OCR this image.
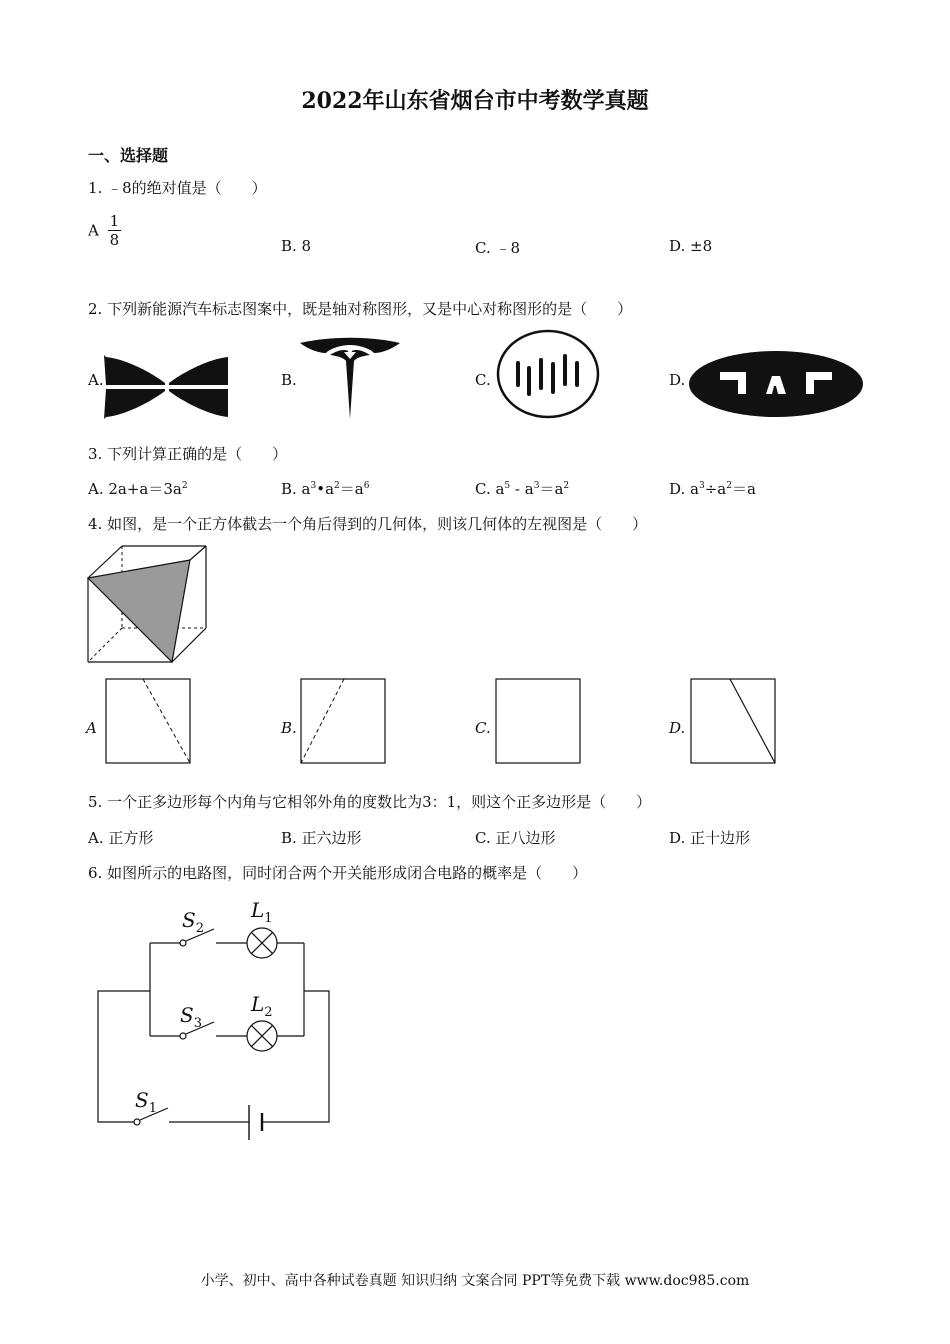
2022年山东省烟台市中考数学真题
一、选择题
1. ﹣8的绝对值是（　　）
A $\frac{1}{8}$	B. 8	C. ﹣8	D. ±8
2. 下列新能源汽车标志图案中，既是轴对称图形，又是中心对称图形的是（　　）
A.	B.	C.	D.
3. 下列计算正确的是（　　）
A. $2a+a=3a^2$	B. $a^3•a^2=a^6$	C. $a^5 - a^3=a^2$	D. $a^3\div a^2=a$
4. 如图，是一个正方体截去一个角后得到的几何体，则该几何体的左视图是（　　）
A	B.	C.	D.
5. 一个正多边形每个内角与它相邻外角的度数比为3：1，则这个正多边形是（　　）
A. 正方形	B. 正六边形	C. 正八边形	D. 正十边形
6. 如图所示的电路图，同时闭合两个开关能形成闭合电路的概率是（　　）
$S_2$
$L_1$
$S_3$
$L_2$
$S_1$
小学、初中、高中各种试卷真题 知识归纳 文案合同 PPT等免费下载 www.doc985.com
